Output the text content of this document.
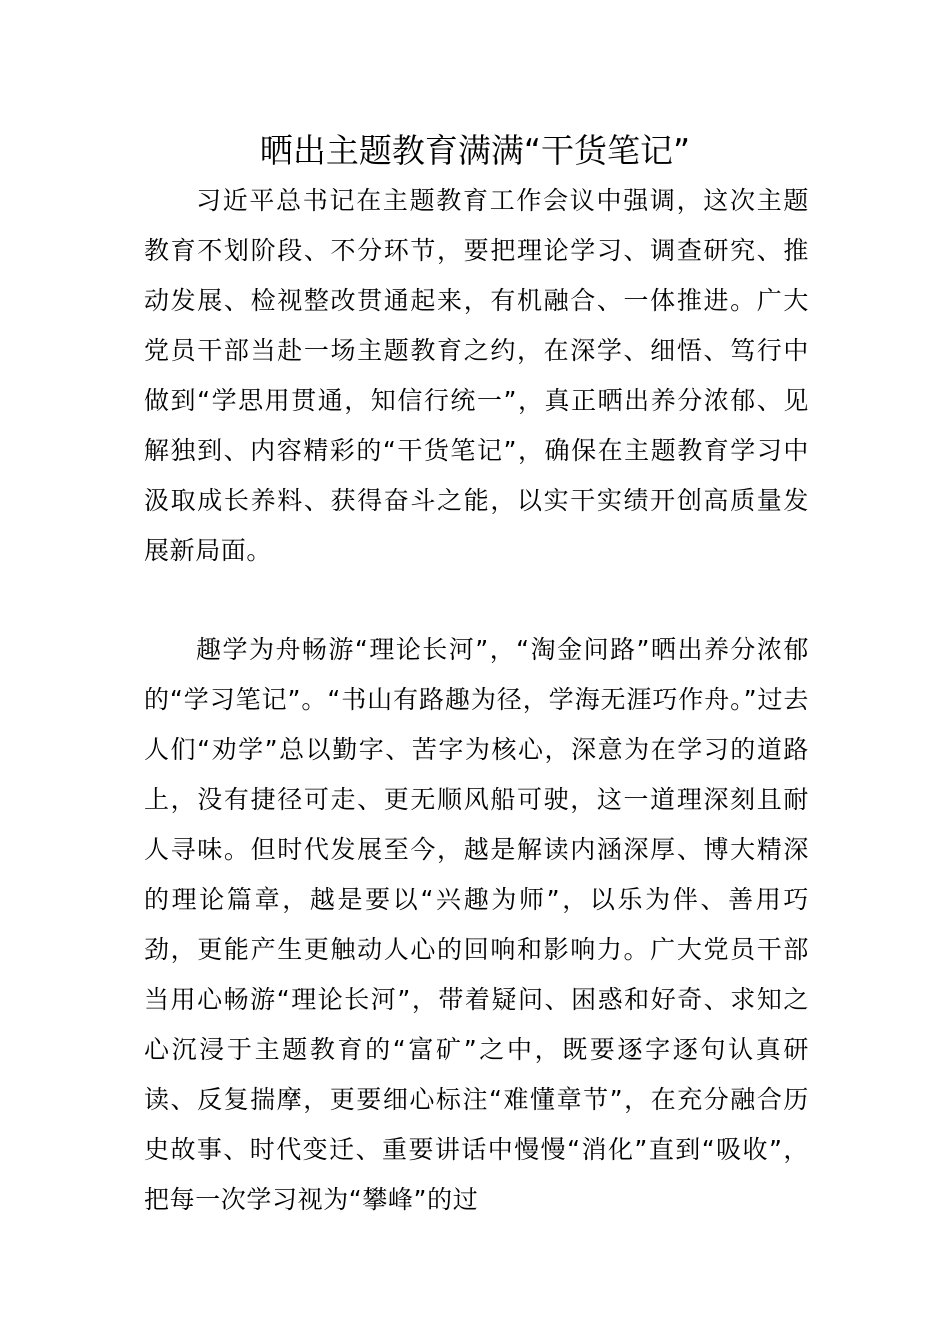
晒出主题教育满满“干货笔记”

习近平总书记在主题教育工作会议中强调，这次主题教育不划阶段、不分环节，要把理论学习、调查研究、推动发展、检视整改贯通起来，有机融合、一体推进。广大党员干部当赴一场主题教育之约，在深学、细悟、笃行中做到“学思用贯通，知信行统一”，真正晒出养分浓郁、见解独到、内容精彩的“干货笔记”，确保在主题教育学习中汲取成长养料、获得奋斗之能，以实干实绩开创高质量发展新局面。

趣学为舟畅游“理论长河”，“淘金问路”晒出养分浓郁的“学习笔记”。“书山有路趣为径，学海无涯巧作舟。”过去人们“劝学”总以勤字、苦字为核心，深意为在学习的道路上，没有捷径可走、更无顺风船可驶，这一道理深刻且耐人寻味。但时代发展至今，越是解读内涵深厚、博大精深的理论篇章，越是要以“兴趣为师”，以乐为伴、善用巧劲，更能产生更触动人心的回响和影响力。广大党员干部当用心畅游“理论长河”，带着疑问、困惑和好奇、求知之心沉浸于主题教育的“富矿”之中，既要逐字逐句认真研读、反复揣摩，更要细心标注“难懂章节”，在充分融合历史故事、时代变迁、重要讲话中慢慢“消化”直到“吸收”，把每一次学习视为“攀峰”的过
